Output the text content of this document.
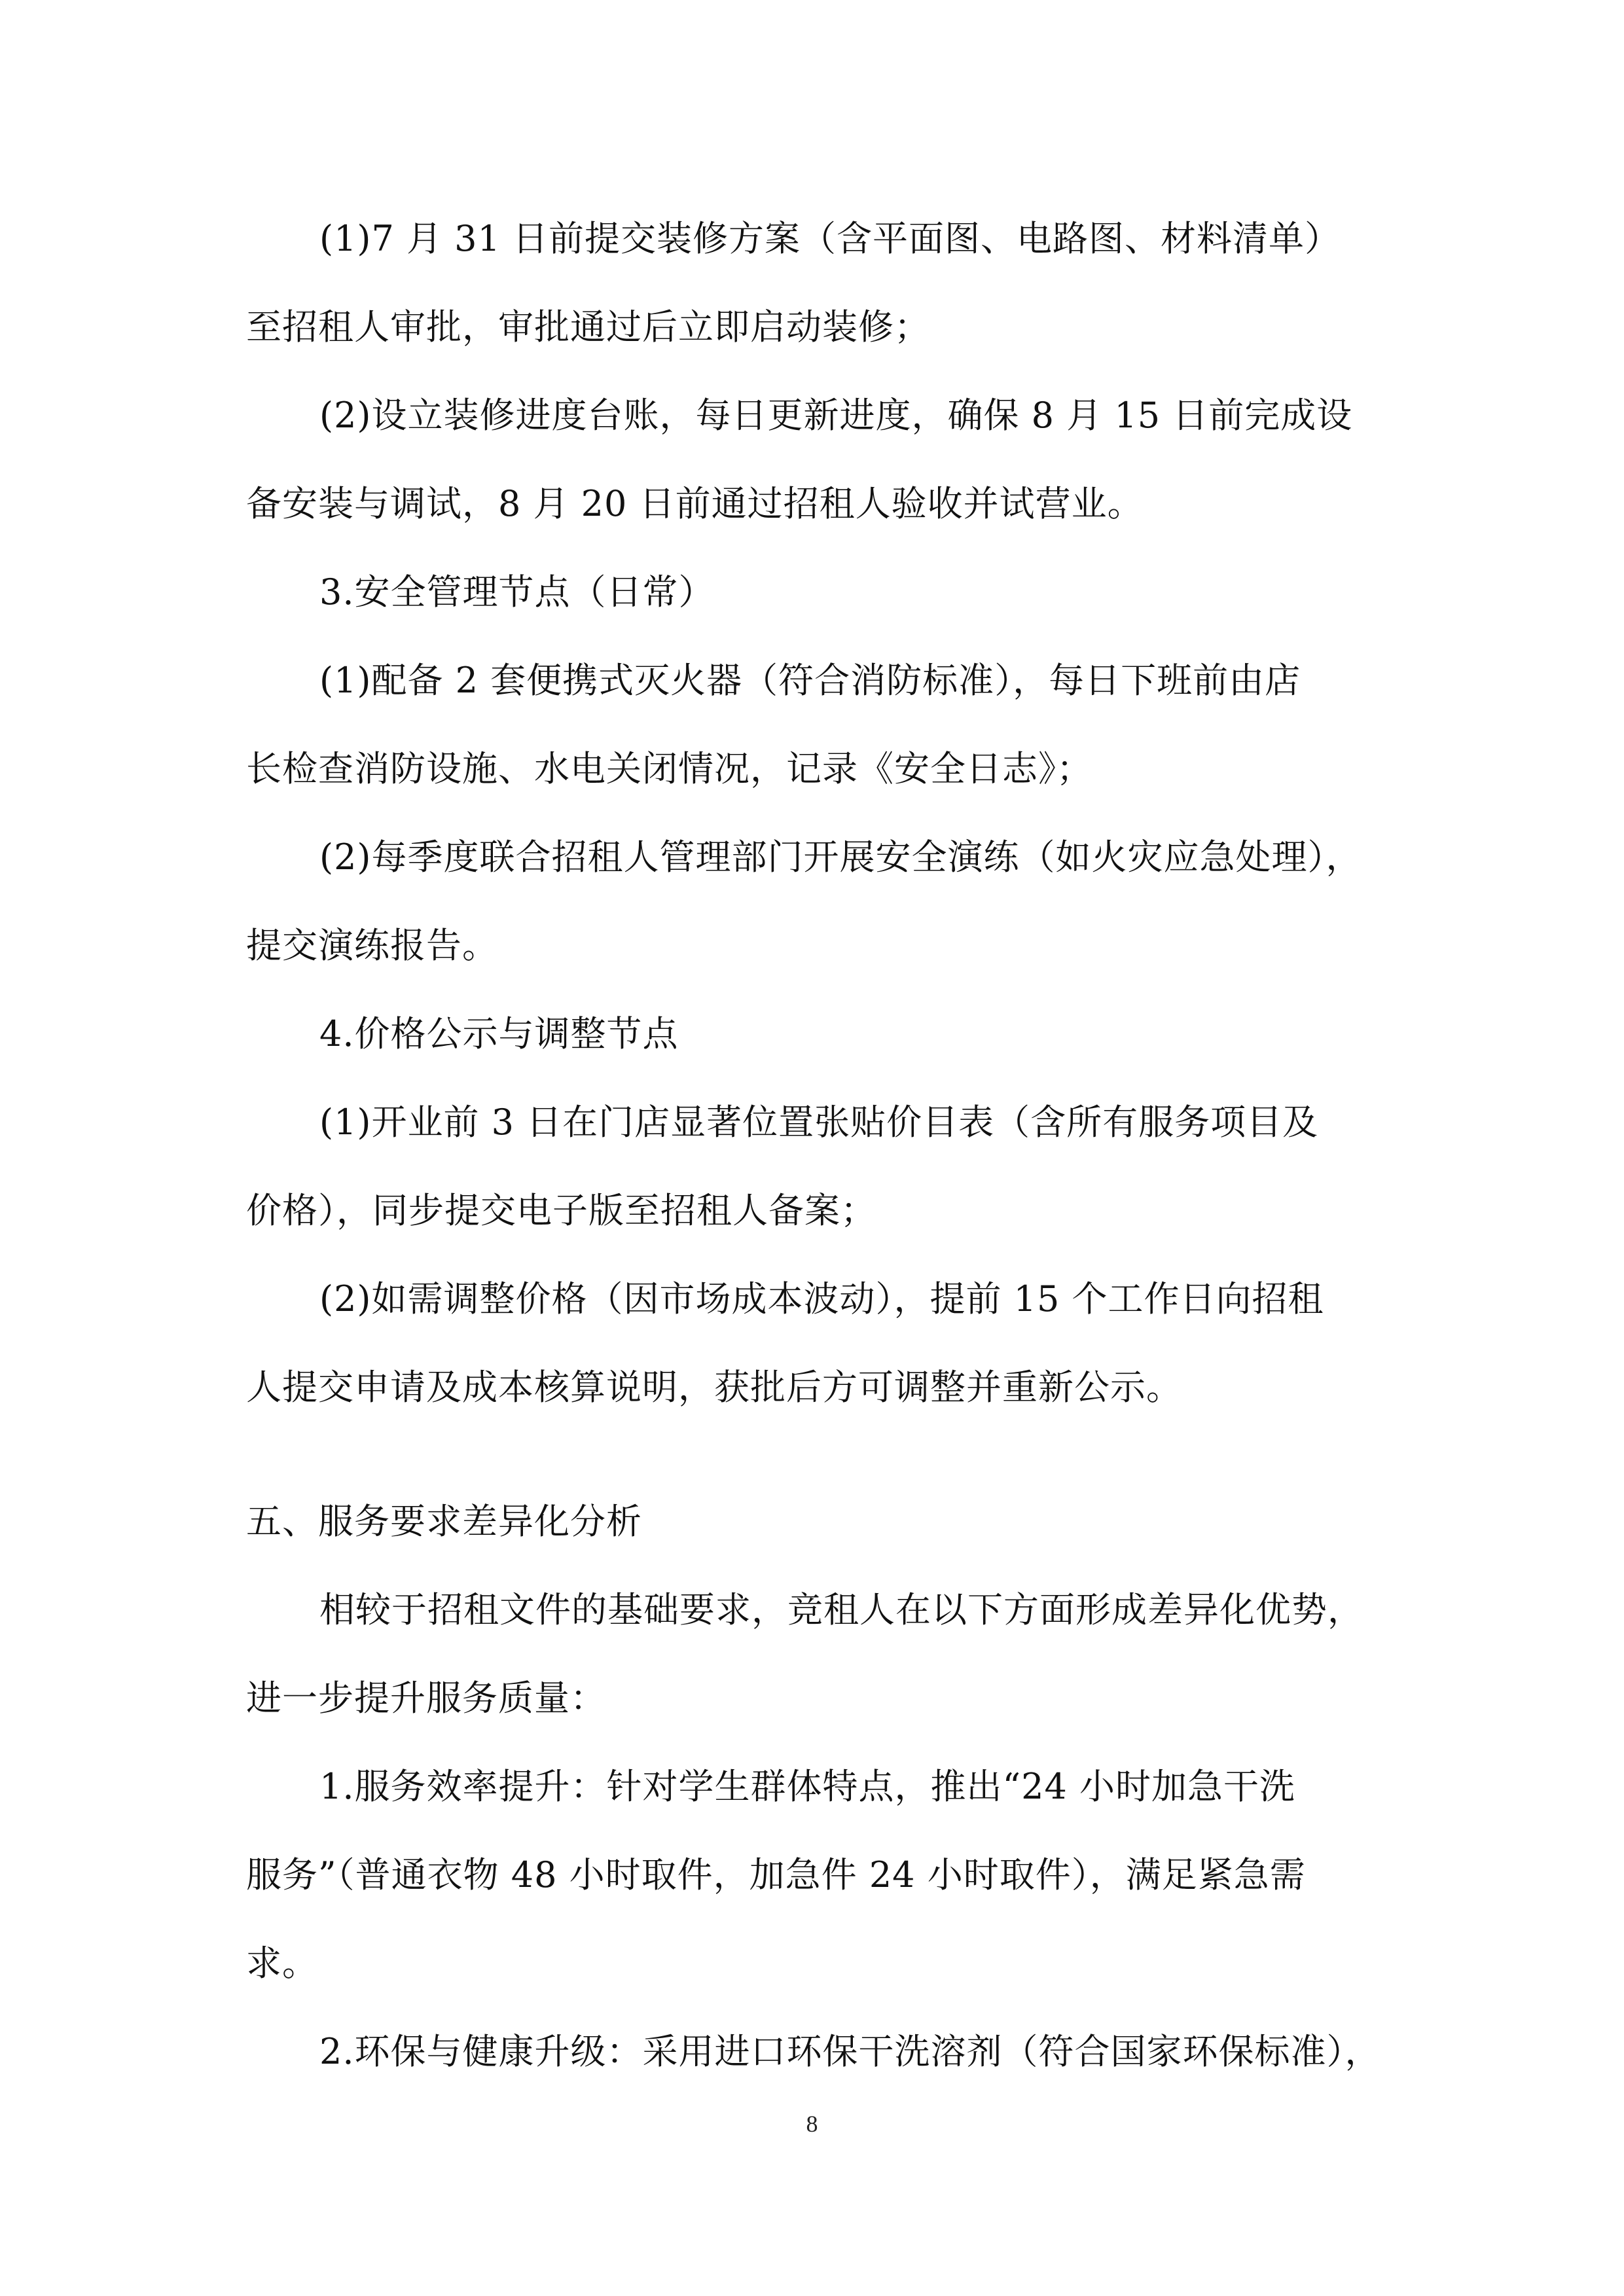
(1)7 月 31 日前提交装修方案（含平面图、电路图、材料清单）
至招租人审批，审批通过后立即启动装修；
(2)设立装修进度台账，每日更新进度，确保 8 月 15 日前完成设
备安装与调试，8 月 20 日前通过招租人验收并试营业。
3.安全管理节点（日常）
(1)配备 2 套便携式灭火器（符合消防标准），每日下班前由店
长检查消防设施、水电关闭情况，记录《安全日志》；
(2)每季度联合招租人管理部门开展安全演练（如火灾应急处理），
提交演练报告。
4.价格公示与调整节点
(1)开业前 3 日在门店显著位置张贴价目表（含所有服务项目及
价格），同步提交电子版至招租人备案；
(2)如需调整价格（因市场成本波动），提前 15 个工作日向招租
人提交申请及成本核算说明，获批后方可调整并重新公示。
五、服务要求差异化分析
相较于招租文件的基础要求，竞租人在以下方面形成差异化优势，
进一步提升服务质量：
1.服务效率提升：针对学生群体特点，推出“24 小时加急干洗
服务”（普通衣物 48 小时取件，加急件 24 小时取件），满足紧急需
求。
2.环保与健康升级：采用进口环保干洗溶剂（符合国家环保标准），
8
